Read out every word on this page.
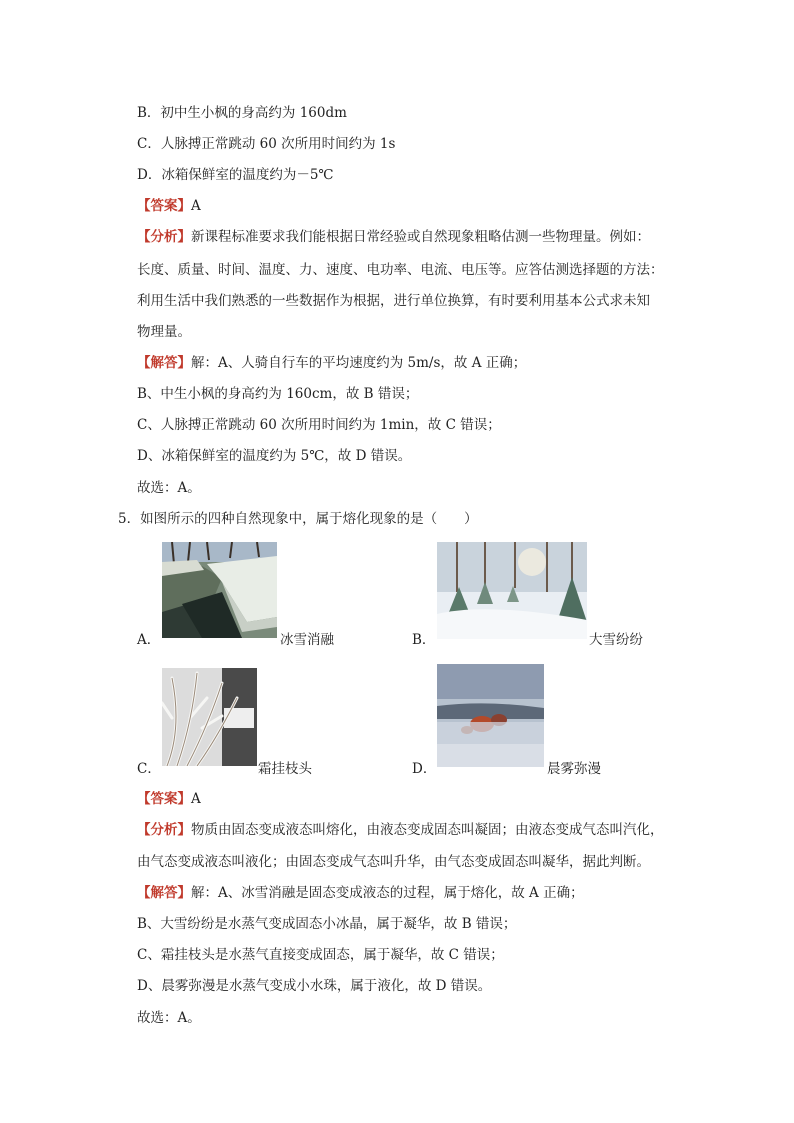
B．初中生小枫的身高约为 160dm
C．人脉搏正常跳动 60 次所用时间约为 1s
D．冰箱保鲜室的温度约为－5℃
【答案】A
【分析】新课程标准要求我们能根据日常经验或自然现象粗略估测一些物理量。例如：
长度、质量、时间、温度、力、速度、电功率、电流、电压等。应答估测选择题的方法：
利用生活中我们熟悉的一些数据作为根据，进行单位换算，有时要利用基本公式求未知
物理量。
【解答】解：A、人骑自行车的平均速度约为 5m/s，故 A 正确；
B、中生小枫的身高约为 160cm，故 B 错误；
C、人脉搏正常跳动 60 次所用时间约为 1min，故 C 错误；
D、冰箱保鲜室的温度约为 5℃，故 D 错误。
故选：A。
5．如图所示的四种自然现象中，属于熔化现象的是（　　）
A．	冰雪消融	B．	大雪纷纷
C．	霜挂枝头	D．	晨雾弥漫
【答案】A
【分析】物质由固态变成液态叫熔化，由液态变成固态叫凝固；由液态变成气态叫汽化，
由气态变成液态叫液化；由固态变成气态叫升华，由气态变成固态叫凝华，据此判断。
【解答】解：A、冰雪消融是固态变成液态的过程，属于熔化，故 A 正确；
B、大雪纷纷是水蒸气变成固态小冰晶，属于凝华，故 B 错误；
C、霜挂枝头是水蒸气直接变成固态，属于凝华，故 C 错误；
D、晨雾弥漫是水蒸气变成小水珠，属于液化，故 D 错误。
故选：A。
